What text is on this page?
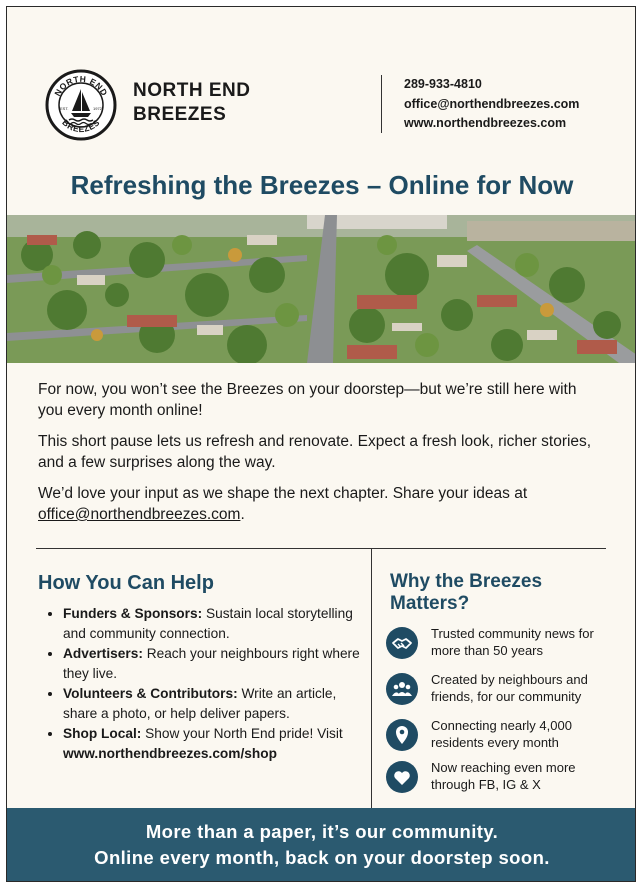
NORTH END
BREEZES
EST.	1972
NORTH END
BREEZES
289-933-4810
office@northendbreezes.com
www.northendbreezes.com
Refreshing the Breezes – Online for Now

For now, you won’t see the Breezes on your doorstep—but we’re still here with you every month online!

This short pause lets us refresh and renovate. Expect a fresh look, richer stories, and a few surprises along the way.

We’d love your input as we shape the next chapter. Share your ideas at office@northendbreezes.com.

How You Can Help
• Funders & Sponsors: Sustain local storytelling and community connection.
• Advertisers: Reach your neighbours right where they live.
• Volunteers & Contributors: Write an article, share a photo, or help deliver papers.
• Shop Local: Show your North End pride! Visit www.northendbreezes.com/shop
Why the Breezes Matters?
Trusted community news for more than 50 years
Created by neighbours and friends, for our community
Connecting nearly 4,000 residents every month
Now reaching even more through FB, IG & X
More than a paper, it’s our community.
Online every month, back on your doorstep soon.
